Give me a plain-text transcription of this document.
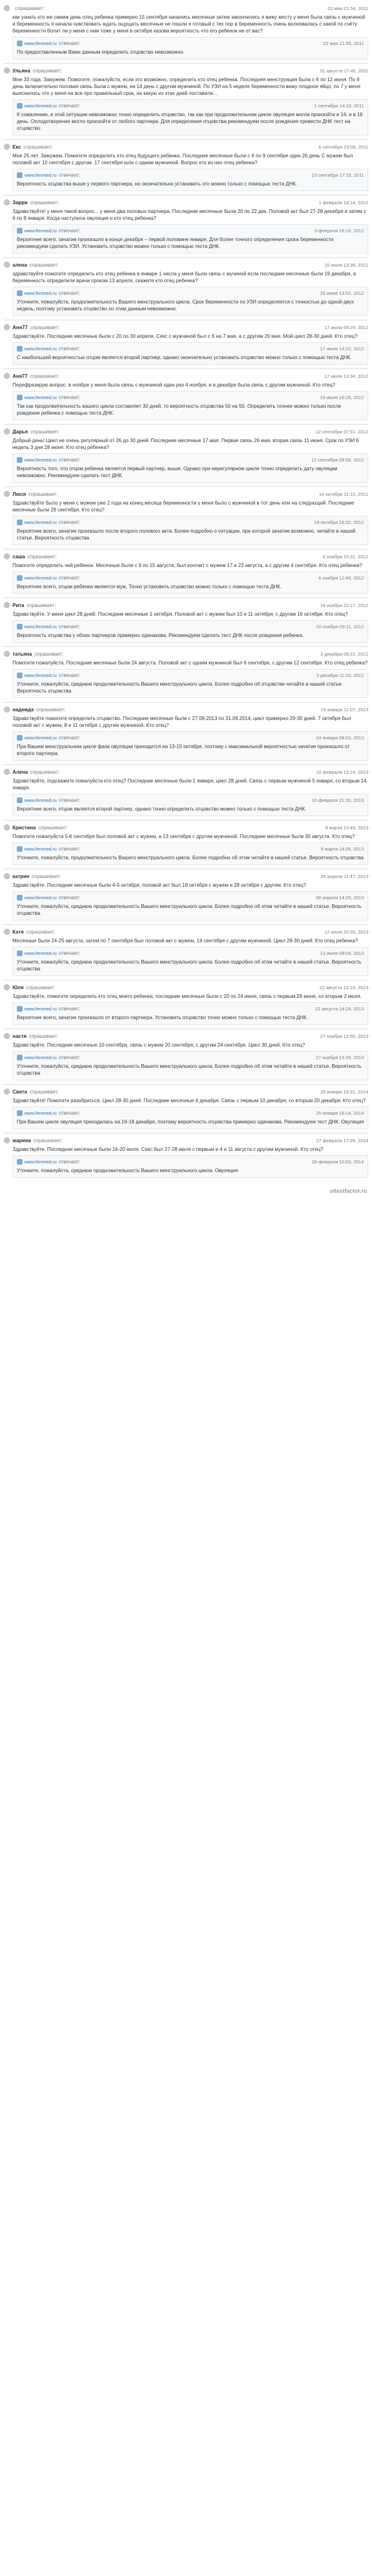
спрашивает:	22 мая 21:54, 2011
как узнать кто же самиж день отец ребенка примерно 15 сентября начались месячные затем закончились я вижу месту у меня была связь с мужчиной и беременность я начала чувствовать ждать ощущать месячные не пошли я готовый с тех пор в беременность очень волновалась с какой по счёту беременности болит ли у меня с ним тоже у меня в октябре казова вероятность что его ребенок не от вас?
www.fenmed.ru отвечает:	22 мая 21:55, 2011
По предоставленным Вами данным определить отцовство невозможно.
Ульяна спрашивает:	31 августа 17:45, 2011
Мне 33 года. Замужем. Помогите, пожалуйста, если это возможно, определить кто отец ребенка. Последняя менструация была с 6 по 12 июня. По 9 день включительно половая связь была с мужем, на 14 день с другим мужчиной. По УЗИ на 5 неделе беременности вижу плодное яйцо, по 7 у меня выяснилось что у меня на все про правильный срок, на какую из этих дней поставили...
www.fenmed.ru отвечает:	1 сентября 14:10, 2011
К сожалению, в этой ситуации невозможно точно определить отцовство, так как при продолжительном цикле овуляция могла произойти и 14, и в 16 день. Оплодотворение могло произойти от любого партнера. Для определения отцовства рекомендуем после рождения провести ДНК тест на отцовство.
Екс спрашивает:	6 сентября 23:08, 2011
Мне 25 лет. Замужем. Помогите определить кто отец будущего ребенка. Последние месячные были с 6 по 9 сентября один 26 день С мужем был половой акт 10 сентября с другом. 17 сентября шли с одним мужчиной. Вопрос кто из них отец ребенка?
www.fenmed.ru отвечает:	13 сентября 17:15, 2011
Вероятность отцовства выше у первого партнера, но окончательно установить это можно только с помощью теста ДНК.
Зарри спрашивает:	1 февраля 14:14, 2012
Здравствуйте! у меня такой вопрос... у меня два половых партнера. Последние месячные были 20 по 22 дек. Половой акт был 27-28 декабря и затем с 6 по 8 января. Когда наступила овуляция и кто отец ребенка?
www.fenmed.ru отвечает:	3 февраля 16:18, 2012
Вероятнее всего, зачатие произошло в конце декабря – первой половине января. Для более точного определения срока беременности рекомендуем сделать УЗИ. Установить отцовство можно только с помощью теста ДНК.
алена спрашивает:	15 июня 13:36, 2012
здравствуйте помогите определить кто отец ребенка в январе 1 числа у меня были связь с мучиной если последние месячные были 19 декабря, а беременность определили врачи сроком 13 апреля, скажите кто отец ребенка?
www.fenmed.ru отвечает:	15 июня 13:52, 2012
Уточните, пожалуйста, продолжительность Вашего менструального цикла. Срок беременности по УЗИ определяется с точностью до одной-двух недель, поэтому установить отцовство по этим данным невозможно.
Аня77 спрашивает:	17 июля 09:29, 2012
Здравствуйте. Последние месячные были с 20 по 30 апреля. Секс с мужчиной был с 6 на 7 мая, а с другим 20 мая. Мой цикл 28-30 дней. Кто отец?
www.fenmed.ru отвечает:	17 июля 14:20, 2012
С наибольшей вероятностью отцом является второй партнер, однако окончательно установить отцовство можно только с помощью теста ДНК.
Аня77 спрашивает:	17 июля 13:34, 2012
Перефразирую вопрос: в ноябре у меня была связь с мужчиной один раз 4 ноября, и в декабре была связь с другим мужчиной. Кто отец?
www.fenmed.ru отвечает:	18 июля 16:28, 2012
Так как продолжительность вашего цикла составляет 30 дней, то вероятность отцовства 50 на 50. Определить точнее можно только после рождения ребенка с помощью теста ДНК.
Дарья спрашивает:	12 сентября 07:51, 2012
Добрый день! Цикл не очень регулярный от 26 до 30 дней. Последние месячные 17 мая. Первая связь 26 мая, вторая связь 11 июня. Срок по УЗИ 6 недель 3 дня 28 июня. Кто отец ребенка?
www.fenmed.ru отвечает:	12 сентября 09:58, 2012
Вероятность того, что отцом ребенка является первый партнер, выше. Однако при нерегулярном цикле точно определить дату овуляции невозможно. Рекомендуем сделать тест ДНК.
Люся спрашивает:	14 октября 11:10, 2012
Здравствуйте было у меня с мужем уже 2 года на конец месяца беременности у меня было с мужчиной в тот день или на следующий. Последние месячные были 29 сентября. Кто отец?
www.fenmed.ru отвечает:	14 октября 15:32, 2012
Вероятнее всего, зачатие произошло после второго полового акта. Более подробно о ситуации, при которой зачатие возможно, читайте в нашей статье. Вероятность отцовства
саша спрашивает:	6 ноября 10:31, 2012
Помогите определить чей ребенок. Месячные были с 9 по 15 августа, был контакт с мужем 17 и 23 августа, а с другим 4 сентября. Кто отец ребенка?
www.fenmed.ru отвечает:	6 ноября 12:46, 2012
Вероятнее всего, отцом ребенка является муж. Точно установить отцовство можно только с помощью теста ДНК.
Рита спрашивает:	19 ноября 22:17, 2012
Здравствуйте. У меня цикл 28 дней. Последние месячные 1 октября. Половой акт с мужем был 10 и 11 октября, с другим 16 октября. Кто отец?
www.fenmed.ru отвечает:	20 ноября 09:11, 2012
Вероятность отцовства у обоих партнеров примерно одинакова. Рекомендуем сделать тест ДНК после рождения ребенка.
татьяна спрашивает:	3 декабря 09:22, 2012
Помогите пожалуйста. Последние месячные были 24 августа. Половой акт с одним мужчиной был 6 сентября, с другим 12 сентября. Кто отец ребенка?
www.fenmed.ru отвечает:	3 декабря 11:20, 2012
Уточните, пожалуйста, среднюю продолжительность Вашего менструального цикла. Более подробно об отцовстве читайте в нашей статье. Вероятность отцовства
надежда спрашивает:	23 января 11:07, 2013
Здравствуйте помогите определить отцовство. Последние месячные были с 27.09.2013 по 31.09.2014, цикл примерно 29-30 дней. 7 октября был половой акт с мужем, 8 и 11 октября с другим мужчиной. Кто отец?
www.fenmed.ru отвечает:	24 января 08:03, 2013
При Вашем менструальном цикле фаза овуляции приходится на 13-15 октября, поэтому с максимальной вероятностью зачатие произошло от второго партнера.
Алена спрашивает:	10 февраля 13:14, 2013
Здравствуйте, подскажите пожалуйста кто отец? Последние месячные были 1 января, цикл 28 дней. Связь с первым мужчиной 5 января, со вторым 14 января.
www.fenmed.ru отвечает:	10 февраля 21:35, 2013
Вероятнее всего, отцом является второй партнер, однако точно определить отцовство можно только с помощью теста ДНК.
Кристина спрашивает:	9 марта 13:49, 2013
Помогите пожалуйста 5-6 сентября был половой акт с мужем, а 13 сентября с другим мужчиной. Последние месячные были 30 августа. Кто отец?
www.fenmed.ru отвечает:	9 марта 14:06, 2013
Уточните, пожалуйста, продолжительность Вашего менструального цикла. Более подробно об этом читайте в нашей статье. Вероятность отцовства
катрин спрашивает:	28 апреля 11:47, 2013
Здравствуйте. Последние месячные были 4-5 октября, половой акт был 18 октября с мужем и 28 октября с другим. Кто отец?
www.fenmed.ru отвечает:	28 апреля 14:25, 2013
Уточните, пожалуйста, среднюю продолжительность Вашего менструального цикла. Более подробно об этом читайте в нашей статье. Вероятность отцовства
Катя спрашивает:	12 июля 20:55, 2013
Месячные были 24-25 августа, затем по 7 сентября был половой акт с мужем, 14 сентября с другим мужчиной. Цикл 28-30 дней. Кто отец ребенка?
www.fenmed.ru отвечает:	13 июля 09:04, 2013
Уточните, пожалуйста, среднюю продолжительность Вашего менструального цикла. Более подробно об этом читайте в нашей статье. Вероятность отцовства
Юля спрашивает:	22 августа 12:10, 2013
Здравствуйте, помогите определить кто отец моего ребенка, последние месячные были с 20 по 24 июня, связь с первым 29 июня, со вторым 2 июля.
www.fenmed.ru отвечает:	22 августа 14:18, 2013
Вероятнее всего, зачатие произошло от второго партнера. Установить отцовство точно можно только с помощью теста ДНК.
настя спрашивает:	27 ноября 12:50, 2013
Здравствуйте. Последние месячные 10 сентября, связь с мужем 20 сентября, с другим 24 сентября. Цикл 30 дней. Кто отец?
www.fenmed.ru отвечает:	27 ноября 13:39, 2013
Уточните, пожалуйста, среднюю продолжительность Вашего менструального цикла. Более подробно об этом читайте в нашей статье. Вероятность отцовства
Света спрашивает:	25 января 15:31, 2014
Здравствуйте! Помогите разобраться. Цикл 28-30 дней. Последние месячные 4 декабря. Связь с первым 10 декабря, со вторым 20 декабря. Кто отец?
www.fenmed.ru отвечает:	25 января 16:14, 2014
При Вашем цикле овуляция приходилась на 16-18 декабря, поэтому вероятность отцовства примерно одинакова. Рекомендуем тест ДНК. Овуляция
марина спрашивает:	27 февраля 17:39, 2014
Здравствуйте. Последние месячные были 16-20 июля. Секс был 27-28 июля с первым и 4 и 11 августа с другим мужчиной. Кто отец?
www.fenmed.ru отвечает:	28 февраля 10:03, 2014
Уточните, пожалуйста, среднюю продолжительность Вашего менструального цикла. Овуляция
sitestfactor.ru
